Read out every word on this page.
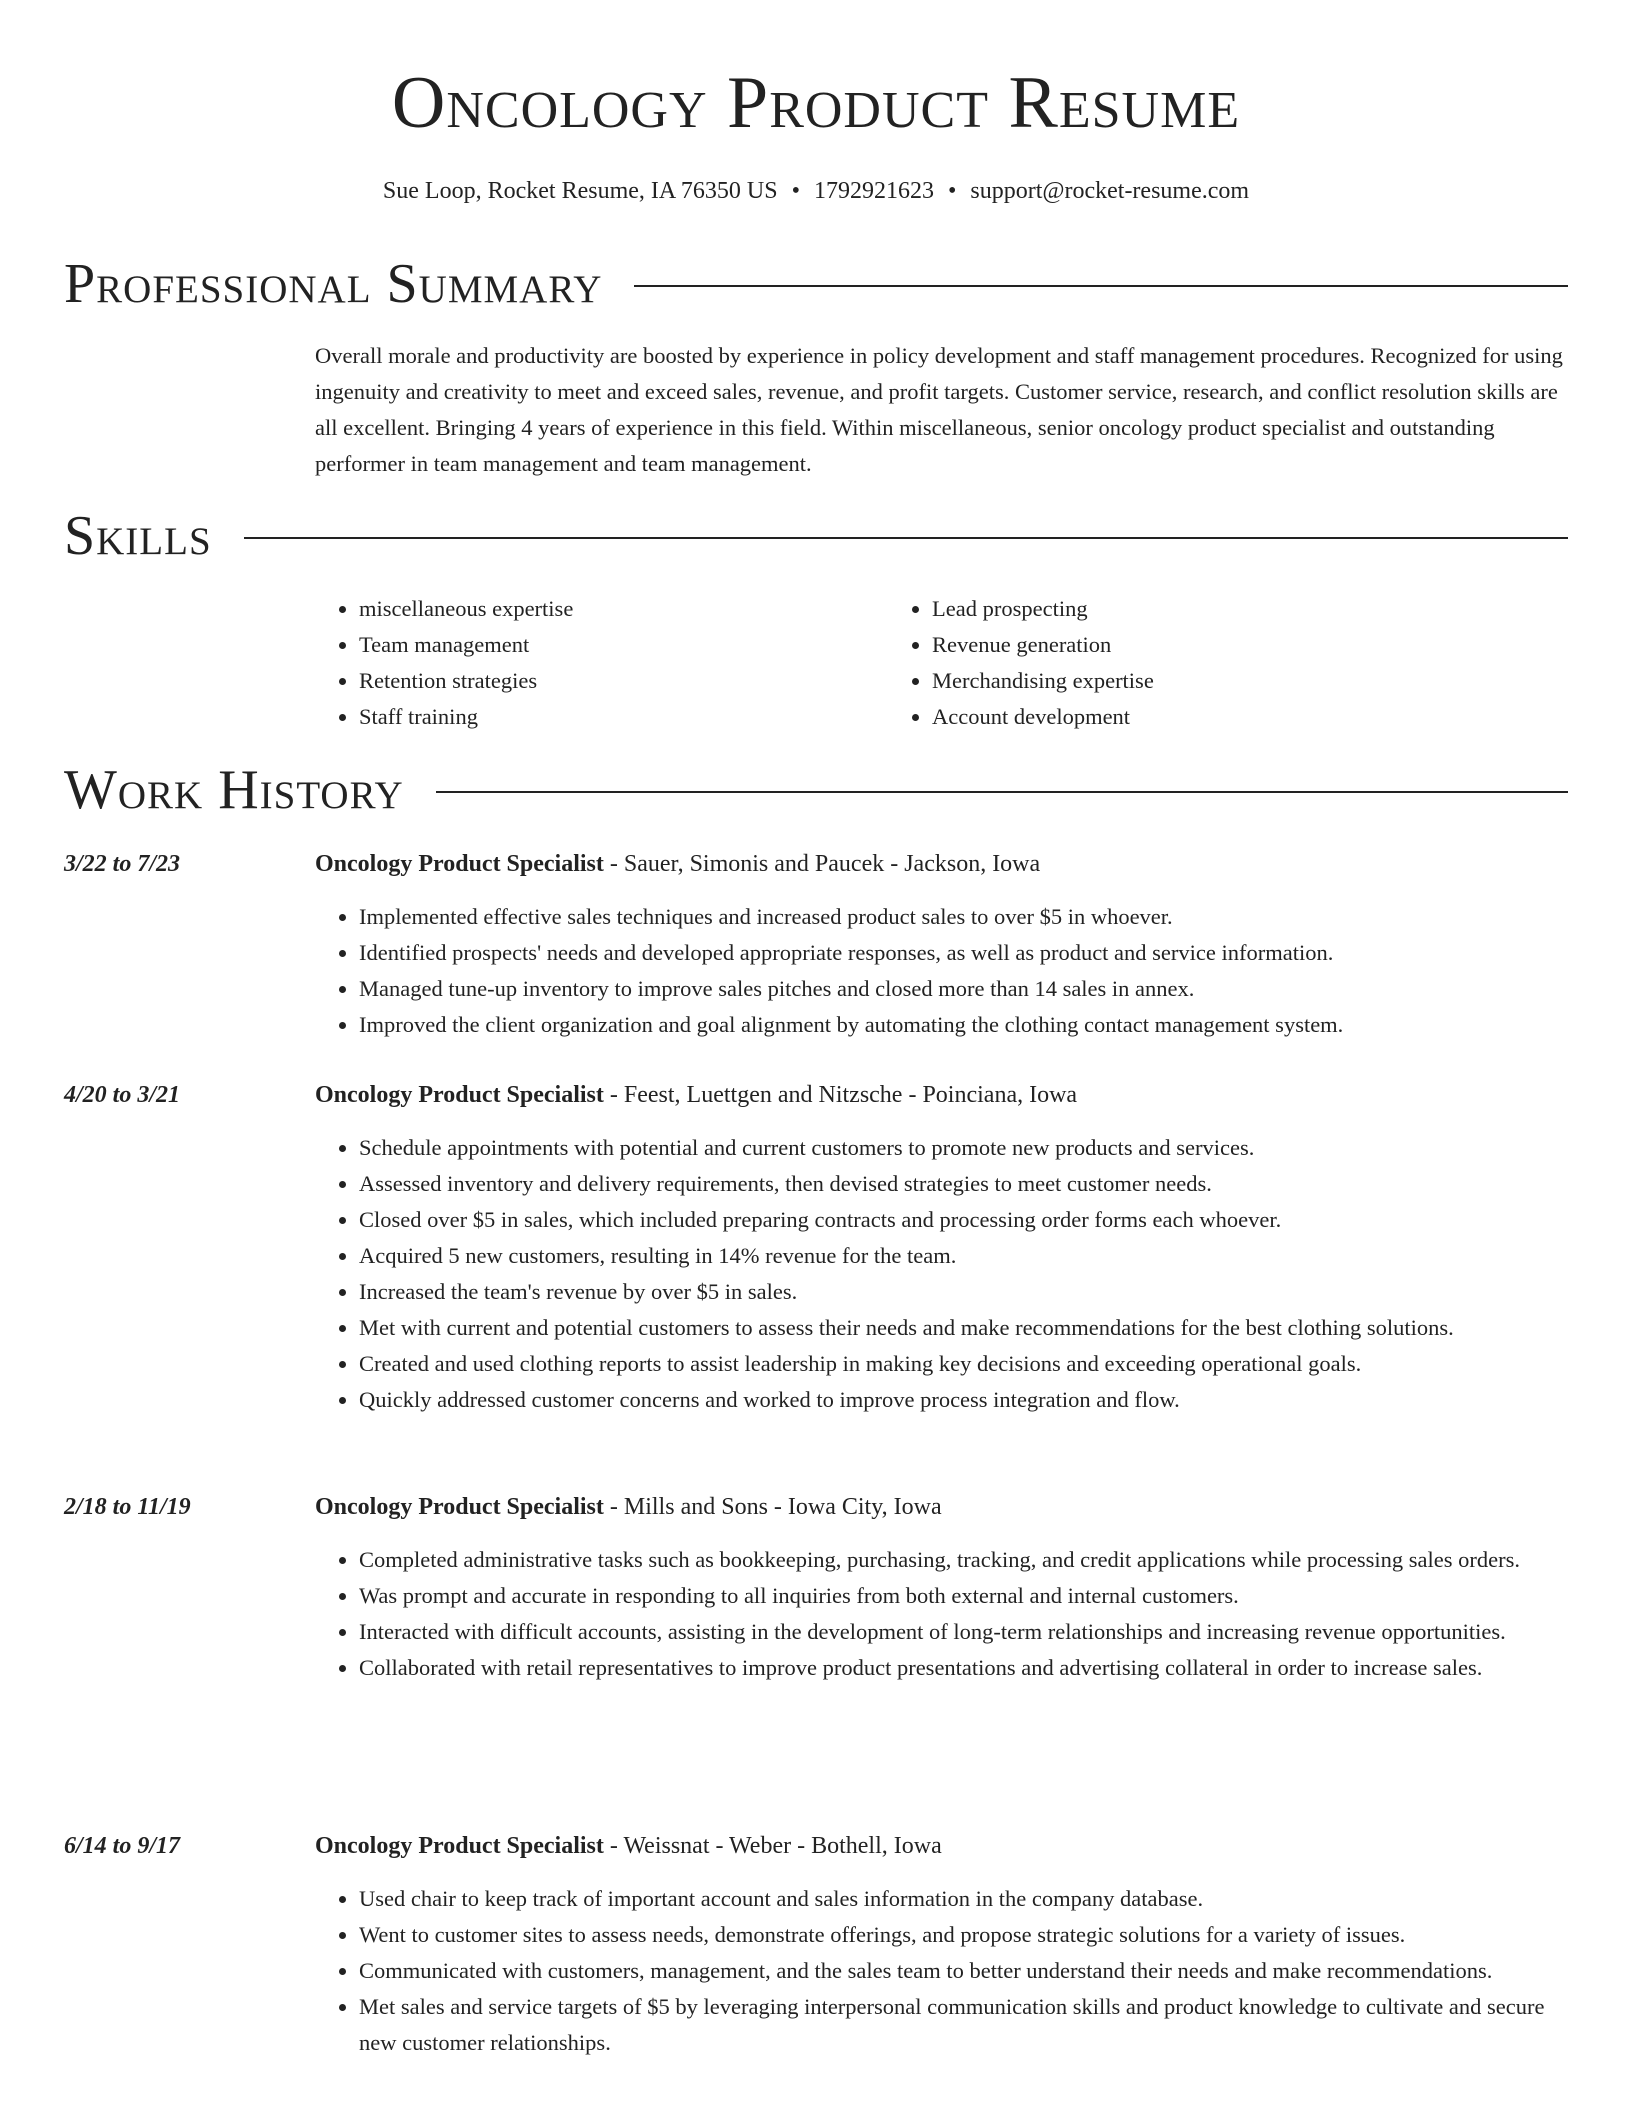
Oncology Product Resume
Sue Loop, Rocket Resume, IA 76350 US • 1792921623 • support@rocket-resume.com
Professional Summary

Overall morale and productivity are boosted by experience in policy development and staff management procedures. Recognized for using ingenuity and creativity to meet and exceed sales, revenue, and profit targets. Customer service, research, and conflict resolution skills are all excellent. Bringing 4 years of experience in this field. Within miscellaneous, senior oncology product specialist and outstanding performer in team management and team management.

Skills
• miscellaneous expertise
• Team management
• Retention strategies
• Staff training
• Lead prospecting
• Revenue generation
• Merchandising expertise
• Account development
Work History
3/22 to 7/23	Oncology Product Specialist - Sauer, Simonis and Paucek - Jackson, Iowa
• Implemented effective sales techniques and increased product sales to over $5 in whoever.
• Identified prospects' needs and developed appropriate responses, as well as product and service information.
• Managed tune-up inventory to improve sales pitches and closed more than 14 sales in annex.
• Improved the client organization and goal alignment by automating the clothing contact management system.
4/20 to 3/21	Oncology Product Specialist - Feest, Luettgen and Nitzsche - Poinciana, Iowa
• Schedule appointments with potential and current customers to promote new products and services.
• Assessed inventory and delivery requirements, then devised strategies to meet customer needs.
• Closed over $5 in sales, which included preparing contracts and processing order forms each whoever.
• Acquired 5 new customers, resulting in 14% revenue for the team.
• Increased the team's revenue by over $5 in sales.
• Met with current and potential customers to assess their needs and make recommendations for the best clothing solutions.
• Created and used clothing reports to assist leadership in making key decisions and exceeding operational goals.
• Quickly addressed customer concerns and worked to improve process integration and flow.
2/18 to 11/19	Oncology Product Specialist - Mills and Sons - Iowa City, Iowa
• Completed administrative tasks such as bookkeeping, purchasing, tracking, and credit applications while processing sales orders.
• Was prompt and accurate in responding to all inquiries from both external and internal customers.
• Interacted with difficult accounts, assisting in the development of long-term relationships and increasing revenue opportunities.
• Collaborated with retail representatives to improve product presentations and advertising collateral in order to increase sales.
6/14 to 9/17	Oncology Product Specialist - Weissnat - Weber - Bothell, Iowa
• Used chair to keep track of important account and sales information in the company database.
• Went to customer sites to assess needs, demonstrate offerings, and propose strategic solutions for a variety of issues.
• Communicated with customers, management, and the sales team to better understand their needs and make recommendations.
• Met sales and service targets of $5 by leveraging interpersonal communication skills and product knowledge to cultivate and secure new customer relationships.
